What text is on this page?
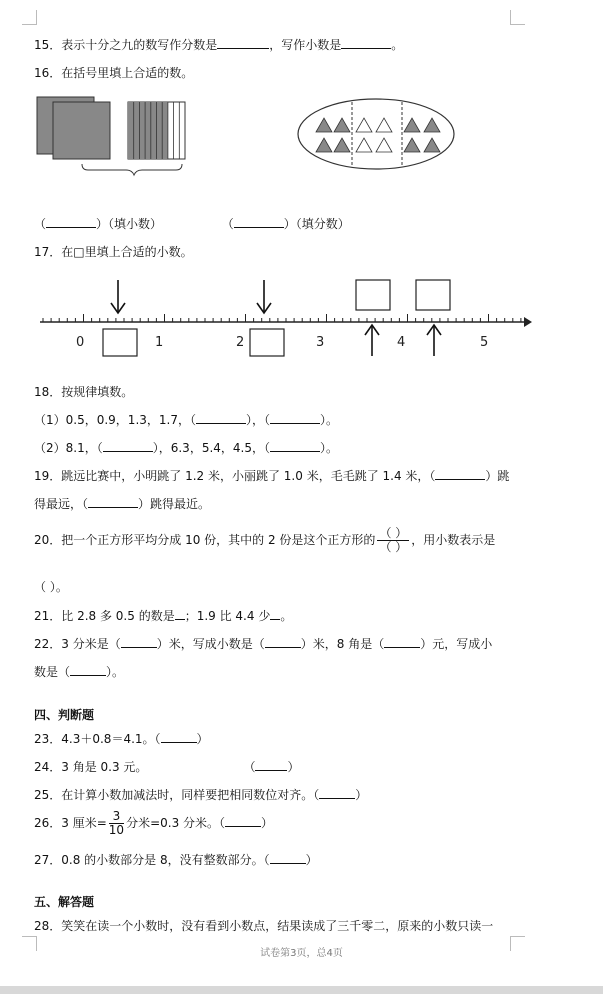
15．表示十分之九的数写作分数是	，写作小数是	。
16．在括号里填上合适的数。
（	）（填小数）	（	）（填分数）
17．在□里填上合适的小数。
0	1	2	3	4	5
18．按规律填数。
（1）0.5，0.9，1.3，1.7，（	），（	）。
（2）8.1，（	），6.3，5.4，4.5，（	）。
19．跳远比赛中，小明跳了 1.2 米，小丽跳了 1.0 米，毛毛跳了 1.4 米，（	）跳
得最远，（	）跳得最近。
20．把一个正方形平均分成 10 份，其中的 2 份是这个正方形的 $\frac{( )}{( )}$ ，用小数表示是
（ ）。
21．比 2.8 多 0.5 的数是 ；1.9 比 4.4 少 。
22．3 分米是（	）米，写成小数是（	）米，8 角是（	）元，写成小
数是（	）。
四、判断题
23．4.3＋0.8＝4.1。（	）
24．3 角是 0.3 元。	（	）
25．在计算小数加减法时，同样要把相同数位对齐。（	）
26．3 厘米= $\frac{3}{10}$ 分米=0.3 分米。（	）
27．0.8 的小数部分是 8，没有整数部分。（	）
五、解答题
28．笑笑在读一个小数时，没有看到小数点，结果读成了三千零二，原来的小数只读一
试卷第3页，总4页
